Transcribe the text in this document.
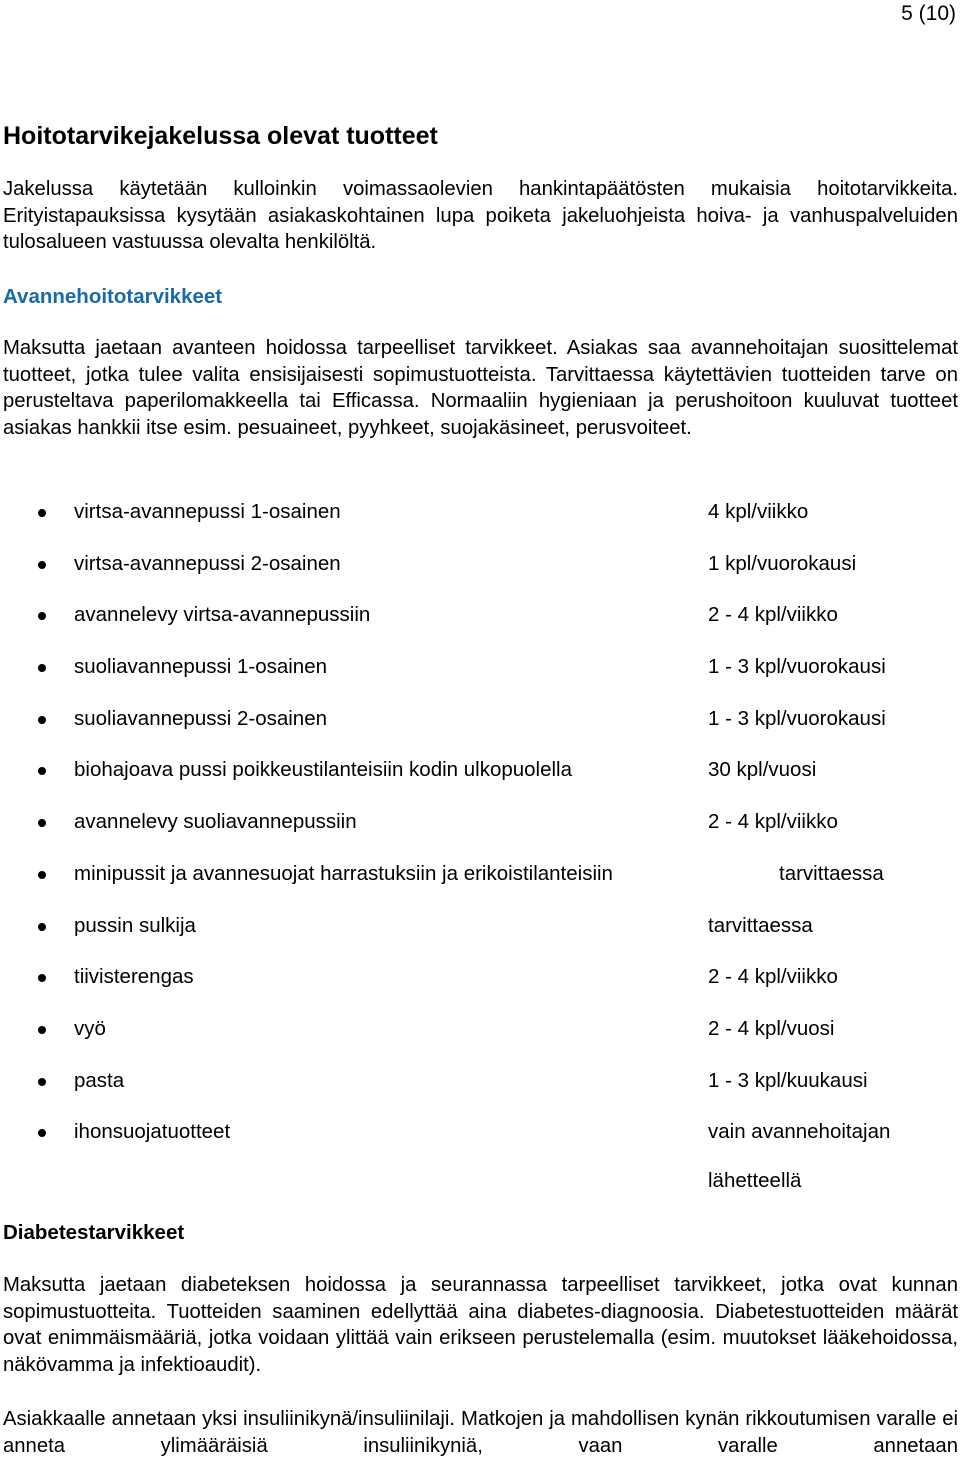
5 (10)
Hoitotarvikejakelussa olevat tuotteet

Jakelussa käytetään kulloinkin voimassaolevien hankintapäätösten mukaisia hoitotarvikkeita. Erityistapauksissa kysytään asiakaskohtainen lupa poiketa jakeluohjeista hoiva- ja vanhuspalveluiden tulosalueen vastuussa olevalta henkilöltä.

Avannehoitotarvikkeet

Maksutta jaetaan avanteen hoidossa tarpeelliset tarvikkeet. Asiakas saa avannehoitajan suosittelemat tuotteet, jotka tulee valita ensisijaisesti sopimustuotteista. Tarvittaessa käytettävien tuotteiden tarve on perusteltava paperilomakkeella tai Efficassa. Normaaliin hygieniaan ja perushoitoon kuuluvat tuotteet asiakas hankkii itse esim. pesuaineet, pyyhkeet, suojakäsineet, perusvoiteet.

virtsa-avannepussi 1-osainen	4 kpl/viikko
virtsa-avannepussi 2-osainen	1 kpl/vuorokausi
avannelevy virtsa-avannepussiin	2 - 4 kpl/viikko
suoliavannepussi 1-osainen	1 - 3 kpl/vuorokausi
suoliavannepussi 2-osainen	1 - 3 kpl/vuorokausi
biohajoava pussi poikkeustilanteisiin kodin ulkopuolella	30 kpl/vuosi
avannelevy suoliavannepussiin	2 - 4 kpl/viikko
minipussit ja avannesuojat harrastuksiin ja erikoistilanteisiin	tarvittaessa
pussin sulkija	tarvittaessa
tiivisterengas	2 - 4 kpl/viikko
vyö	2 - 4 kpl/vuosi
pasta	1 - 3 kpl/kuukausi
ihonsuojatuotteet	vain avannehoitajan
lähetteellä
Diabetestarvikkeet

Maksutta jaetaan diabeteksen hoidossa ja seurannassa tarpeelliset tarvikkeet, jotka ovat kunnan sopimustuotteita. Tuotteiden saaminen edellyttää aina diabetes-diagnoosia. Diabetestuotteiden määrät ovat enimmäismääriä, jotka voidaan ylittää vain erikseen perustelemalla (esim. muutokset lääkehoidossa, näkövamma ja infektioaudit).

Asiakkaalle annetaan yksi insuliinikynä/insuliinilaji. Matkojen ja mahdollisen kynän rikkoutumisen varalle ei anneta ylimääräisiä insuliinikyniä, vaan varalle annetaan
